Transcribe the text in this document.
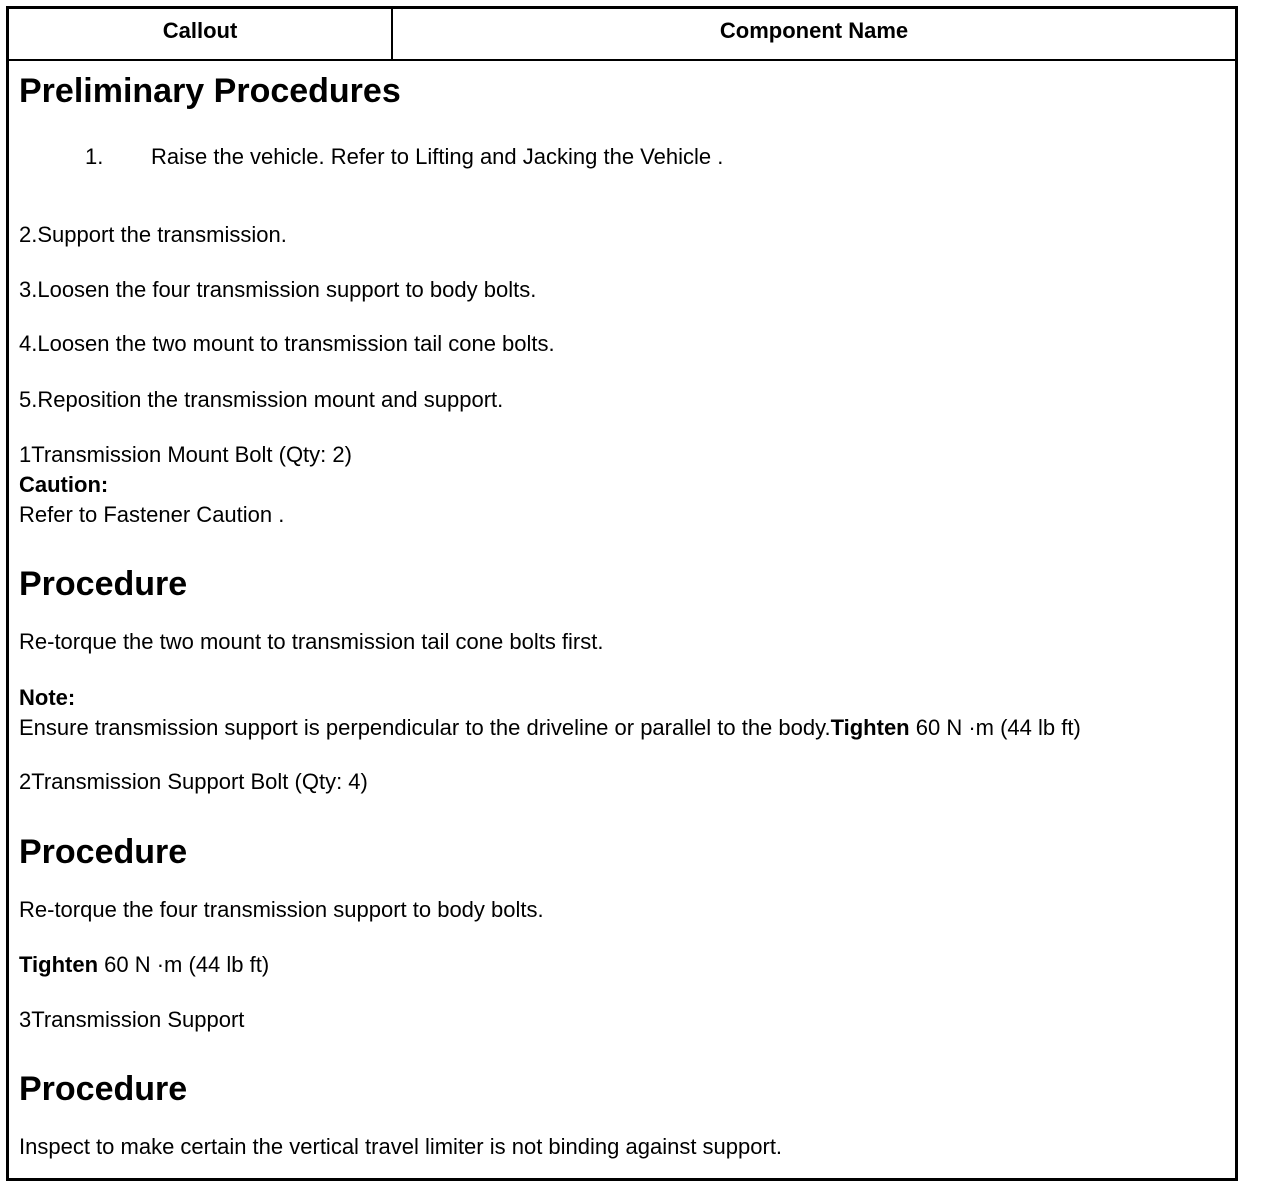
Callout	Component Name
Preliminary Procedures
1. Raise the vehicle. Refer to Lifting and Jacking the Vehicle .
2.Support the transmission.
3.Loosen the four transmission support to body bolts.
4.Loosen the two mount to transmission tail cone bolts.
5.Reposition the transmission mount and support.
1Transmission Mount Bolt (Qty: 2)
Caution:
Refer to Fastener Caution .
Procedure
Re-torque the two mount to transmission tail cone bolts first.
Note:
Ensure transmission support is perpendicular to the driveline or parallel to the body.Tighten 60 N ·m (44 lb ft)
2Transmission Support Bolt (Qty: 4)
Procedure
Re-torque the four transmission support to body bolts.
Tighten 60 N ·m (44 lb ft)
3Transmission Support
Procedure
Inspect to make certain the vertical travel limiter is not binding against support.
